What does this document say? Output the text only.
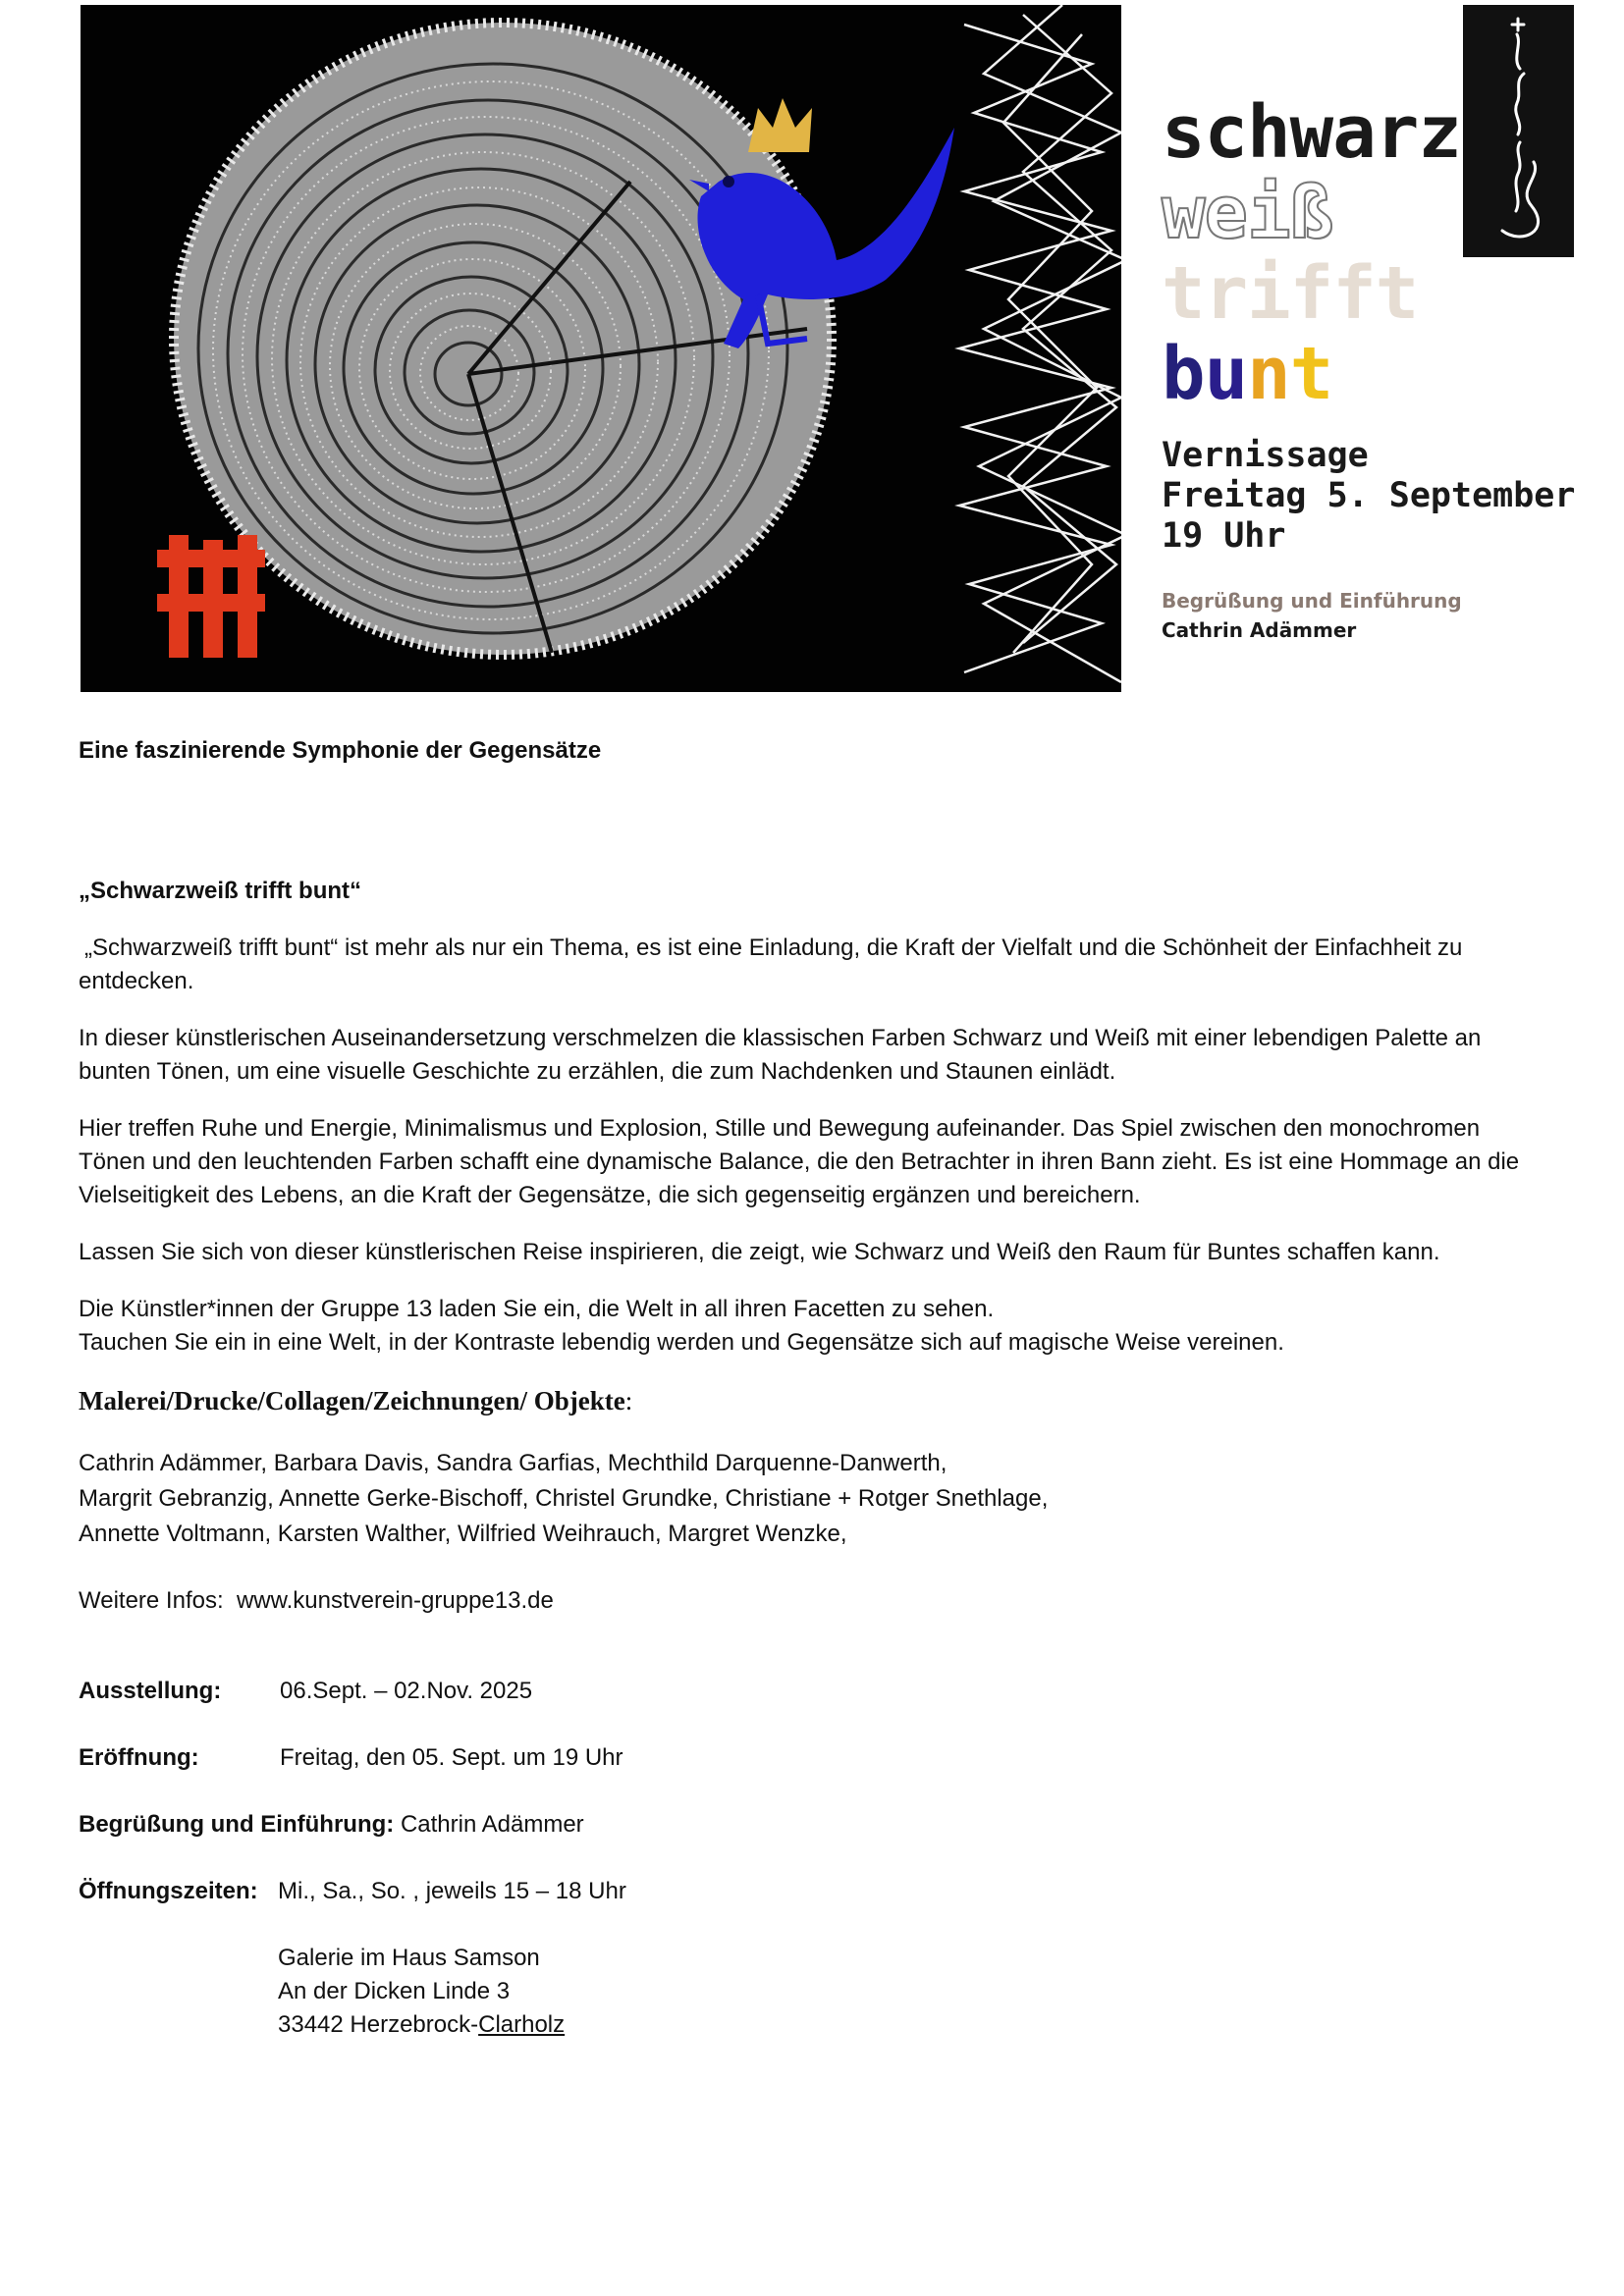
schwarz
weiß
trifft
bunt
Vernissage
Freitag 5. September
19 Uhr
Begrüßung und Einführung
Cathrin Adämmer

Eine faszinierende Symphonie der Gegensätze

„Schwarzweiß trifft bunt“

„Schwarzweiß trifft bunt“ ist mehr als nur ein Thema, es ist eine Einladung, die Kraft der Vielfalt und die Schönheit der Einfachheit zu entdecken.

In dieser künstlerischen Auseinandersetzung verschmelzen die klassischen Farben Schwarz und Weiß mit einer lebendigen Palette an bunten Tönen, um eine visuelle Geschichte zu erzählen, die zum Nachdenken und Staunen einlädt.

Hier treffen Ruhe und Energie, Minimalismus und Explosion, Stille und Bewegung aufeinander. Das Spiel zwischen den monochromen Tönen und den leuchtenden Farben schafft eine dynamische Balance, die den Betrachter in ihren Bann zieht. Es ist eine Hommage an die Vielseitigkeit des Lebens, an die Kraft der Gegensätze, die sich gegenseitig ergänzen und bereichern.

Lassen Sie sich von dieser künstlerischen Reise inspirieren, die zeigt, wie Schwarz und Weiß den Raum für Buntes schaffen kann.

Die Künstler*innen der Gruppe 13 laden Sie ein, die Welt in all ihren Facetten zu sehen.

Tauchen Sie ein in eine Welt, in der Kontraste lebendig werden und Gegensätze sich auf magische Weise vereinen.

Malerei/Drucke/Collagen/Zeichnungen/ Objekte:

Cathrin Adämmer, Barbara Davis, Sandra Garfias, Mechthild Darquenne-Danwerth,

Margrit Gebranzig, Annette Gerke-Bischoff, Christel Grundke, Christiane + Rotger Snethlage,

Annette Voltmann, Karsten Walther, Wilfried Weihrauch, Margret Wenzke,

Weitere Infos: www.kunstverein-gruppe13.de

Ausstellung:	06.Sept. – 02.Nov. 2025
Eröffnung:	Freitag, den 05. Sept. um 19 Uhr
Begrüßung und Einführung:
Cathrin Adämmer
Öffnungszeiten: Mi., Sa., So. , jeweils 15 – 18 Uhr

Galerie im Haus Samson

An der Dicken Linde 3

33442 Herzebrock-Clarholz
